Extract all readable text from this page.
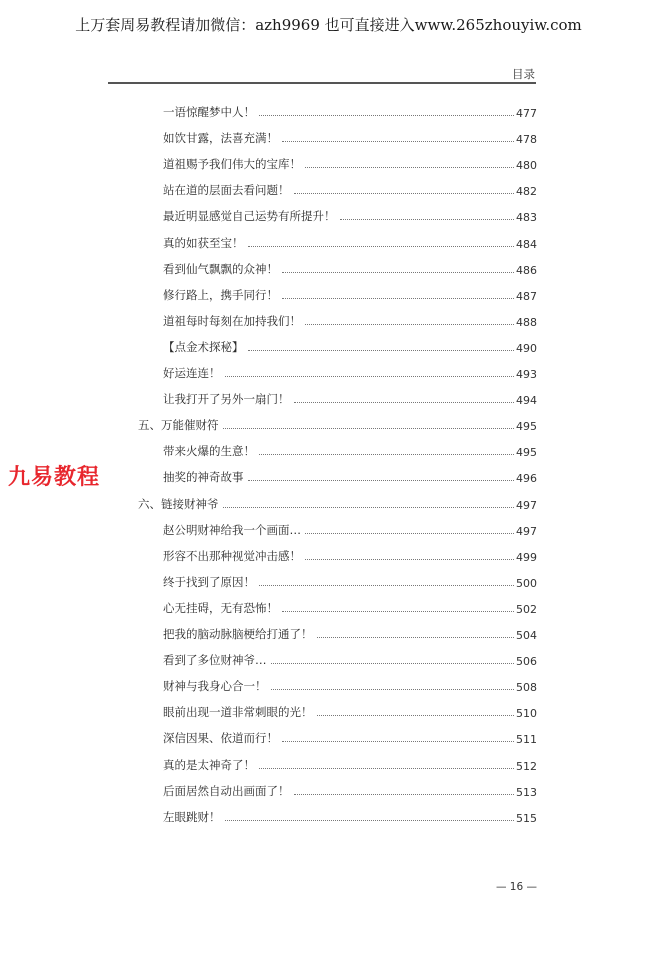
上万套周易教程请加微信：azh9969 也可直接进入www.265zhouyiw.com
目录
九易教程
一语惊醒梦中人！	477
如饮甘露，法喜充满！	478
道祖赐予我们伟大的宝库！	480
站在道的层面去看问题！	482
最近明显感觉自己运势有所提升！	483
真的如获至宝！	484
看到仙气飘飘的众神！	486
修行路上，携手同行！	487
道祖每时每刻在加持我们！	488
【点金术探秘】	490
好运连连！	493
让我打开了另外一扇门！	494
五、万能催财符	495
带来火爆的生意！	495
抽奖的神奇故事	496
六、链接财神爷	497
赵公明财神给我一个画面…	497
形容不出那种视觉冲击感！	499
终于找到了原因！	500
心无挂碍，无有恐怖！	502
把我的脑动脉脑梗给打通了！	504
看到了多位财神爷…	506
财神与我身心合一！	508
眼前出现一道非常刺眼的光！	510
深信因果、依道而行！	511
真的是太神奇了！	512
后面居然自动出画面了！	513
左眼跳财！	515
— 16 —
